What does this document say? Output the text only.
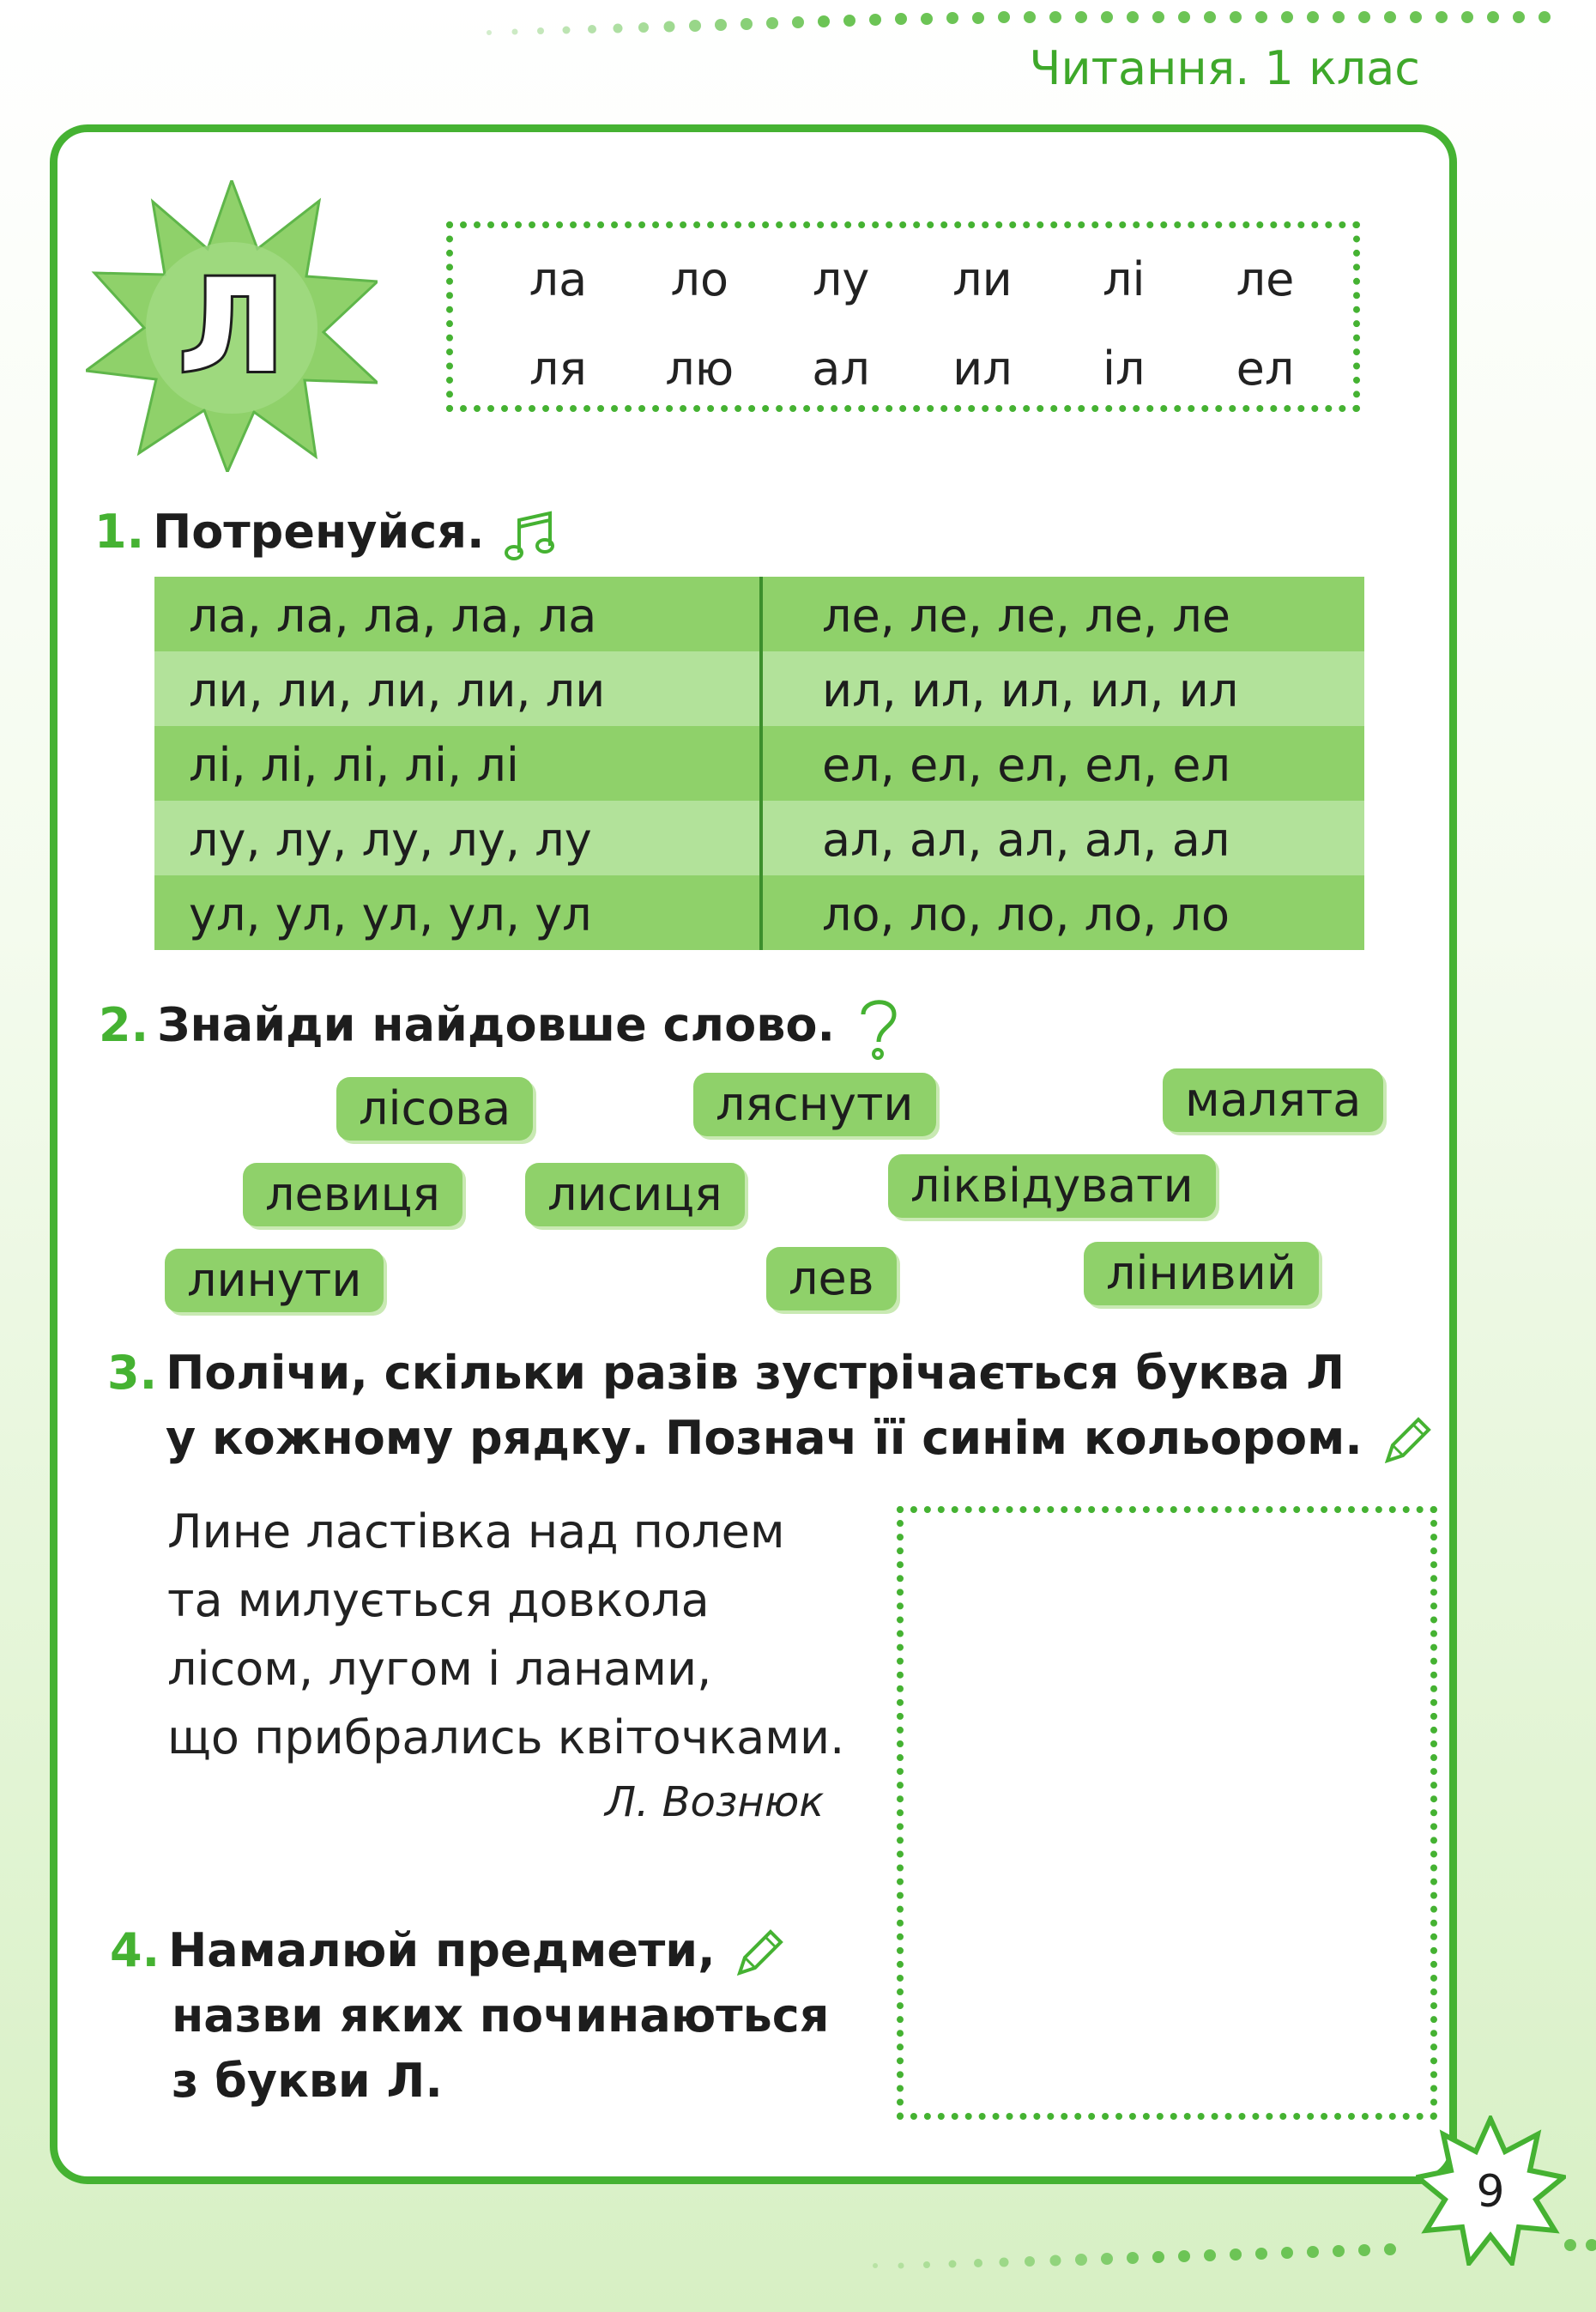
Читання. 1 клас
Л	ла	ло	лу	ли	лі	ле
ля	лю	ал	ил	іл	ел
1. Потренуйся.
ла, ла, ла, ла, ла	ле, ле, ле, ле, ле
ли, ли, ли, ли, ли	ил, ил, ил, ил, ил
лі, лі, лі, лі, лі	ел, ел, ел, ел, ел
лу, лу, лу, лу, лу	ал, ал, ал, ал, ал
ул, ул, ул, ул, ул	ло, ло, ло, ло, ло
2. Знайди найдовше слово.
лісова	ляснути	малята
левиця	лисиця	ліквідувати
линути	лев	лінивий
3. Полічи, скільки разів зустрічається буква Л
у кожному рядку. Познач її синім кольором.
Лине ластівка над полем
та милується довкола
лісом, лугом і ланами,
що прибрались квіточками.
Л. Вознюк
4. Намалюй предмети,
назви яких починаються
з букви Л.
9
